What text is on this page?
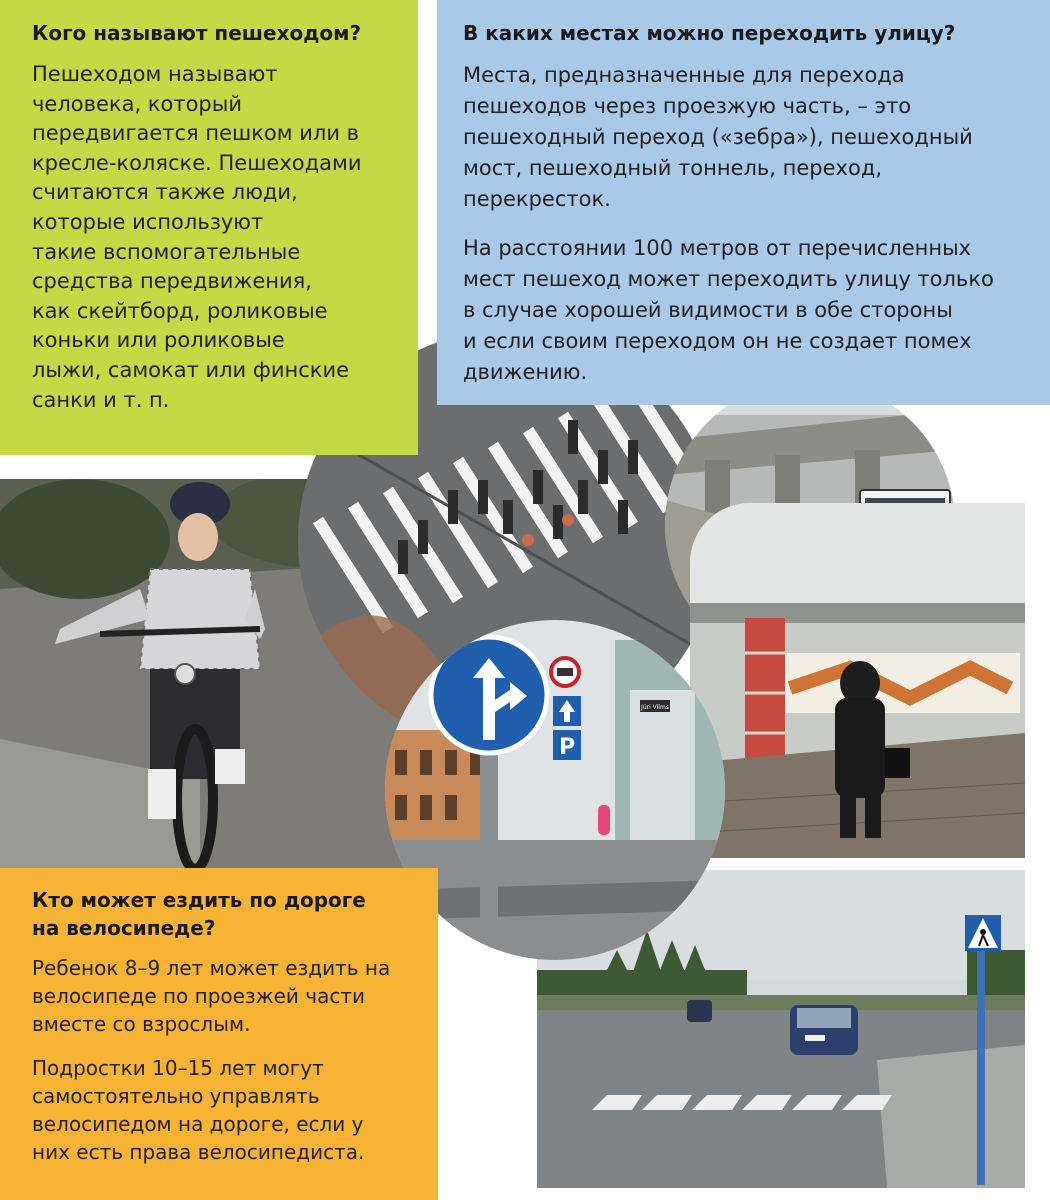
Кого называют пешеходом?

Пешеходом называют
человека, который
передвигается пешком или в
кресле-коляске. Пешеходами
считаются также люди,
которые используют
такие вспомогательные
средства передвижения,
как скейтборд, роликовые
коньки или роликовые
лыжи, самокат или финские
санки и т. п.

В каких местах можно переходить улицу?

Места, предназначенные для перехода
пешеходов через проезжую часть, – это
пешеходный переход («зебра»), пешеходный
мост, пешеходный тоннель, переход,
перекресток.

На расстоянии 100 метров от перечисленных
мест пешеход может переходить улицу только
в случае хорошей видимости в обе стороны
и если своим переходом он не создает помех
движению.

Кто может ездить по дороге
на велосипеде?

Ребенок 8–9 лет может ездить на
велосипеде по проезжей части
вместе со взрослым.

Подростки 10–15 лет могут
самостоятельно управлять
велосипедом на дороге, если у
них есть права велосипедиста.

Jüri Vilms
P
